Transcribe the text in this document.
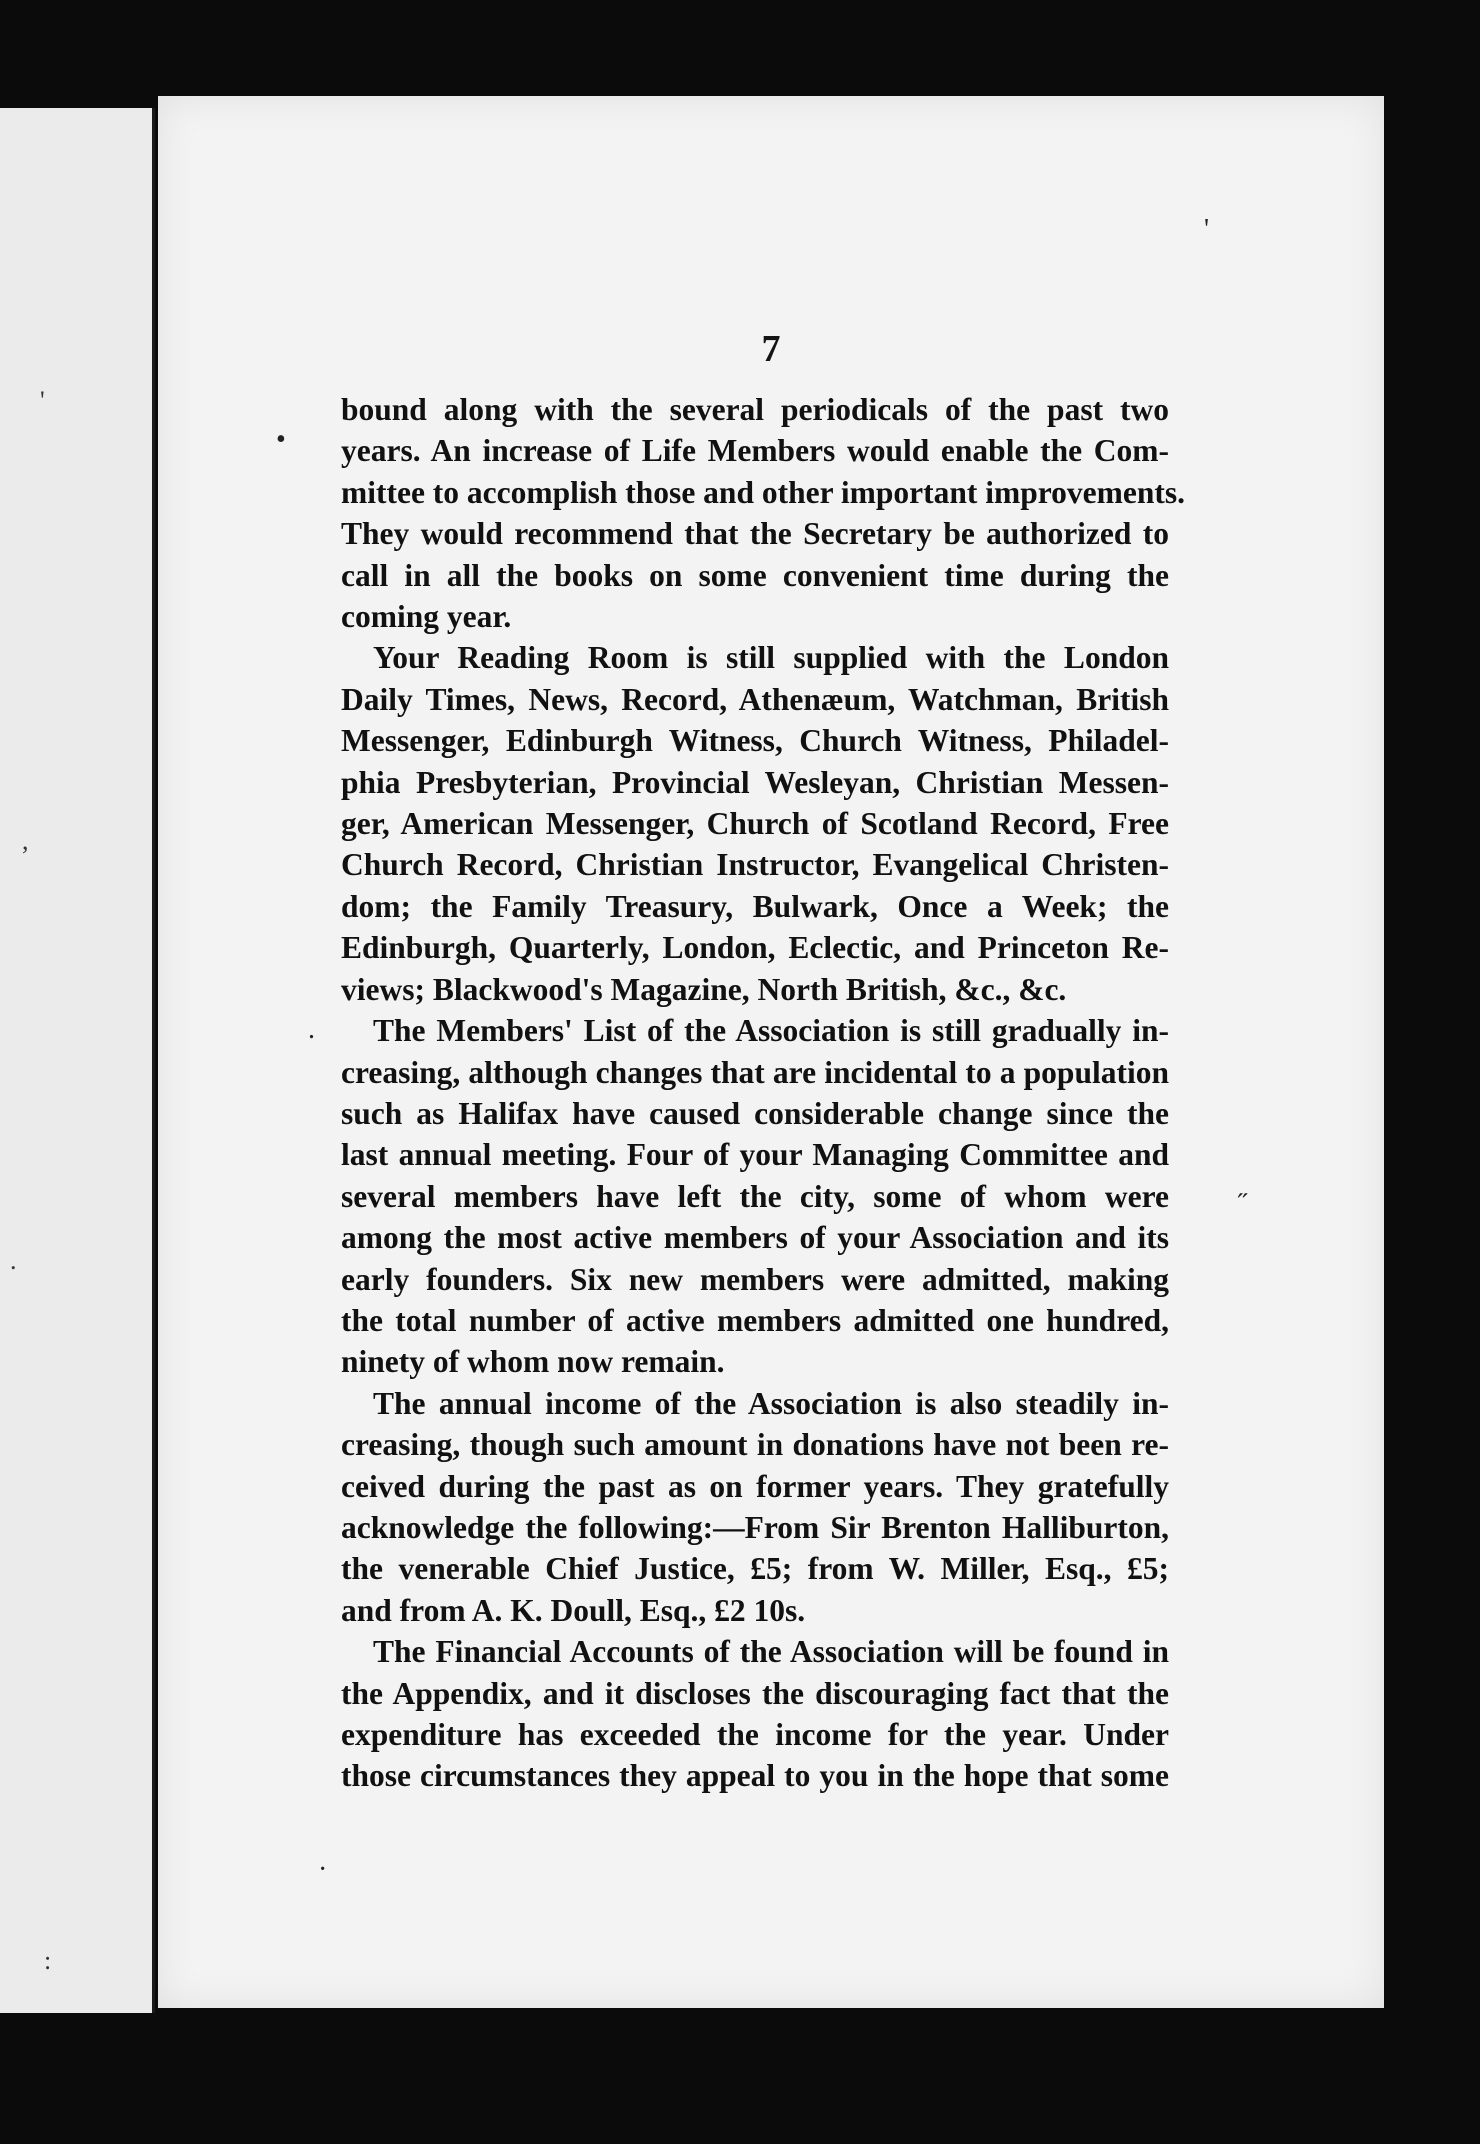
'
,
.
:
7
bound along with the several periodicals of the past two
years. An increase of Life Members would enable the Com-
mittee to accomplish those and other important improvements.
They would recommend that the Secretary be authorized to
call in all the books on some convenient time during the
coming year.
Your Reading Room is still supplied with the London
Daily Times, News, Record, Athenæum, Watchman, British
Messenger, Edinburgh Witness, Church Witness, Philadel-
phia Presbyterian, Provincial Wesleyan, Christian Messen-
ger, American Messenger, Church of Scotland Record, Free
Church Record, Christian Instructor, Evangelical Christen-
dom; the Family Treasury, Bulwark, Once a Week; the
Edinburgh, Quarterly, London, Eclectic, and Princeton Re-
views; Blackwood's Magazine, North British, &c., &c.
The Members' List of the Association is still gradually in-
creasing, although changes that are incidental to a population
such as Halifax have caused considerable change since the
last annual meeting. Four of your Managing Committee and
several members have left the city, some of whom were
among the most active members of your Association and its
early founders. Six new members were admitted, making
the total number of active members admitted one hundred,
ninety of whom now remain.
The annual income of the Association is also steadily in-
creasing, though such amount in donations have not been re-
ceived during the past as on former years. They gratefully
acknowledge the following:—From Sir Brenton Halliburton,
the venerable Chief Justice, £5; from W. Miller, Esq., £5;
and from A. K. Doull, Esq., £2 10s.
The Financial Accounts of the Association will be found in
the Appendix, and it discloses the discouraging fact that the
expenditure has exceeded the income for the year. Under
those circumstances they appeal to you in the hope that some
•
'
˝
.
·
